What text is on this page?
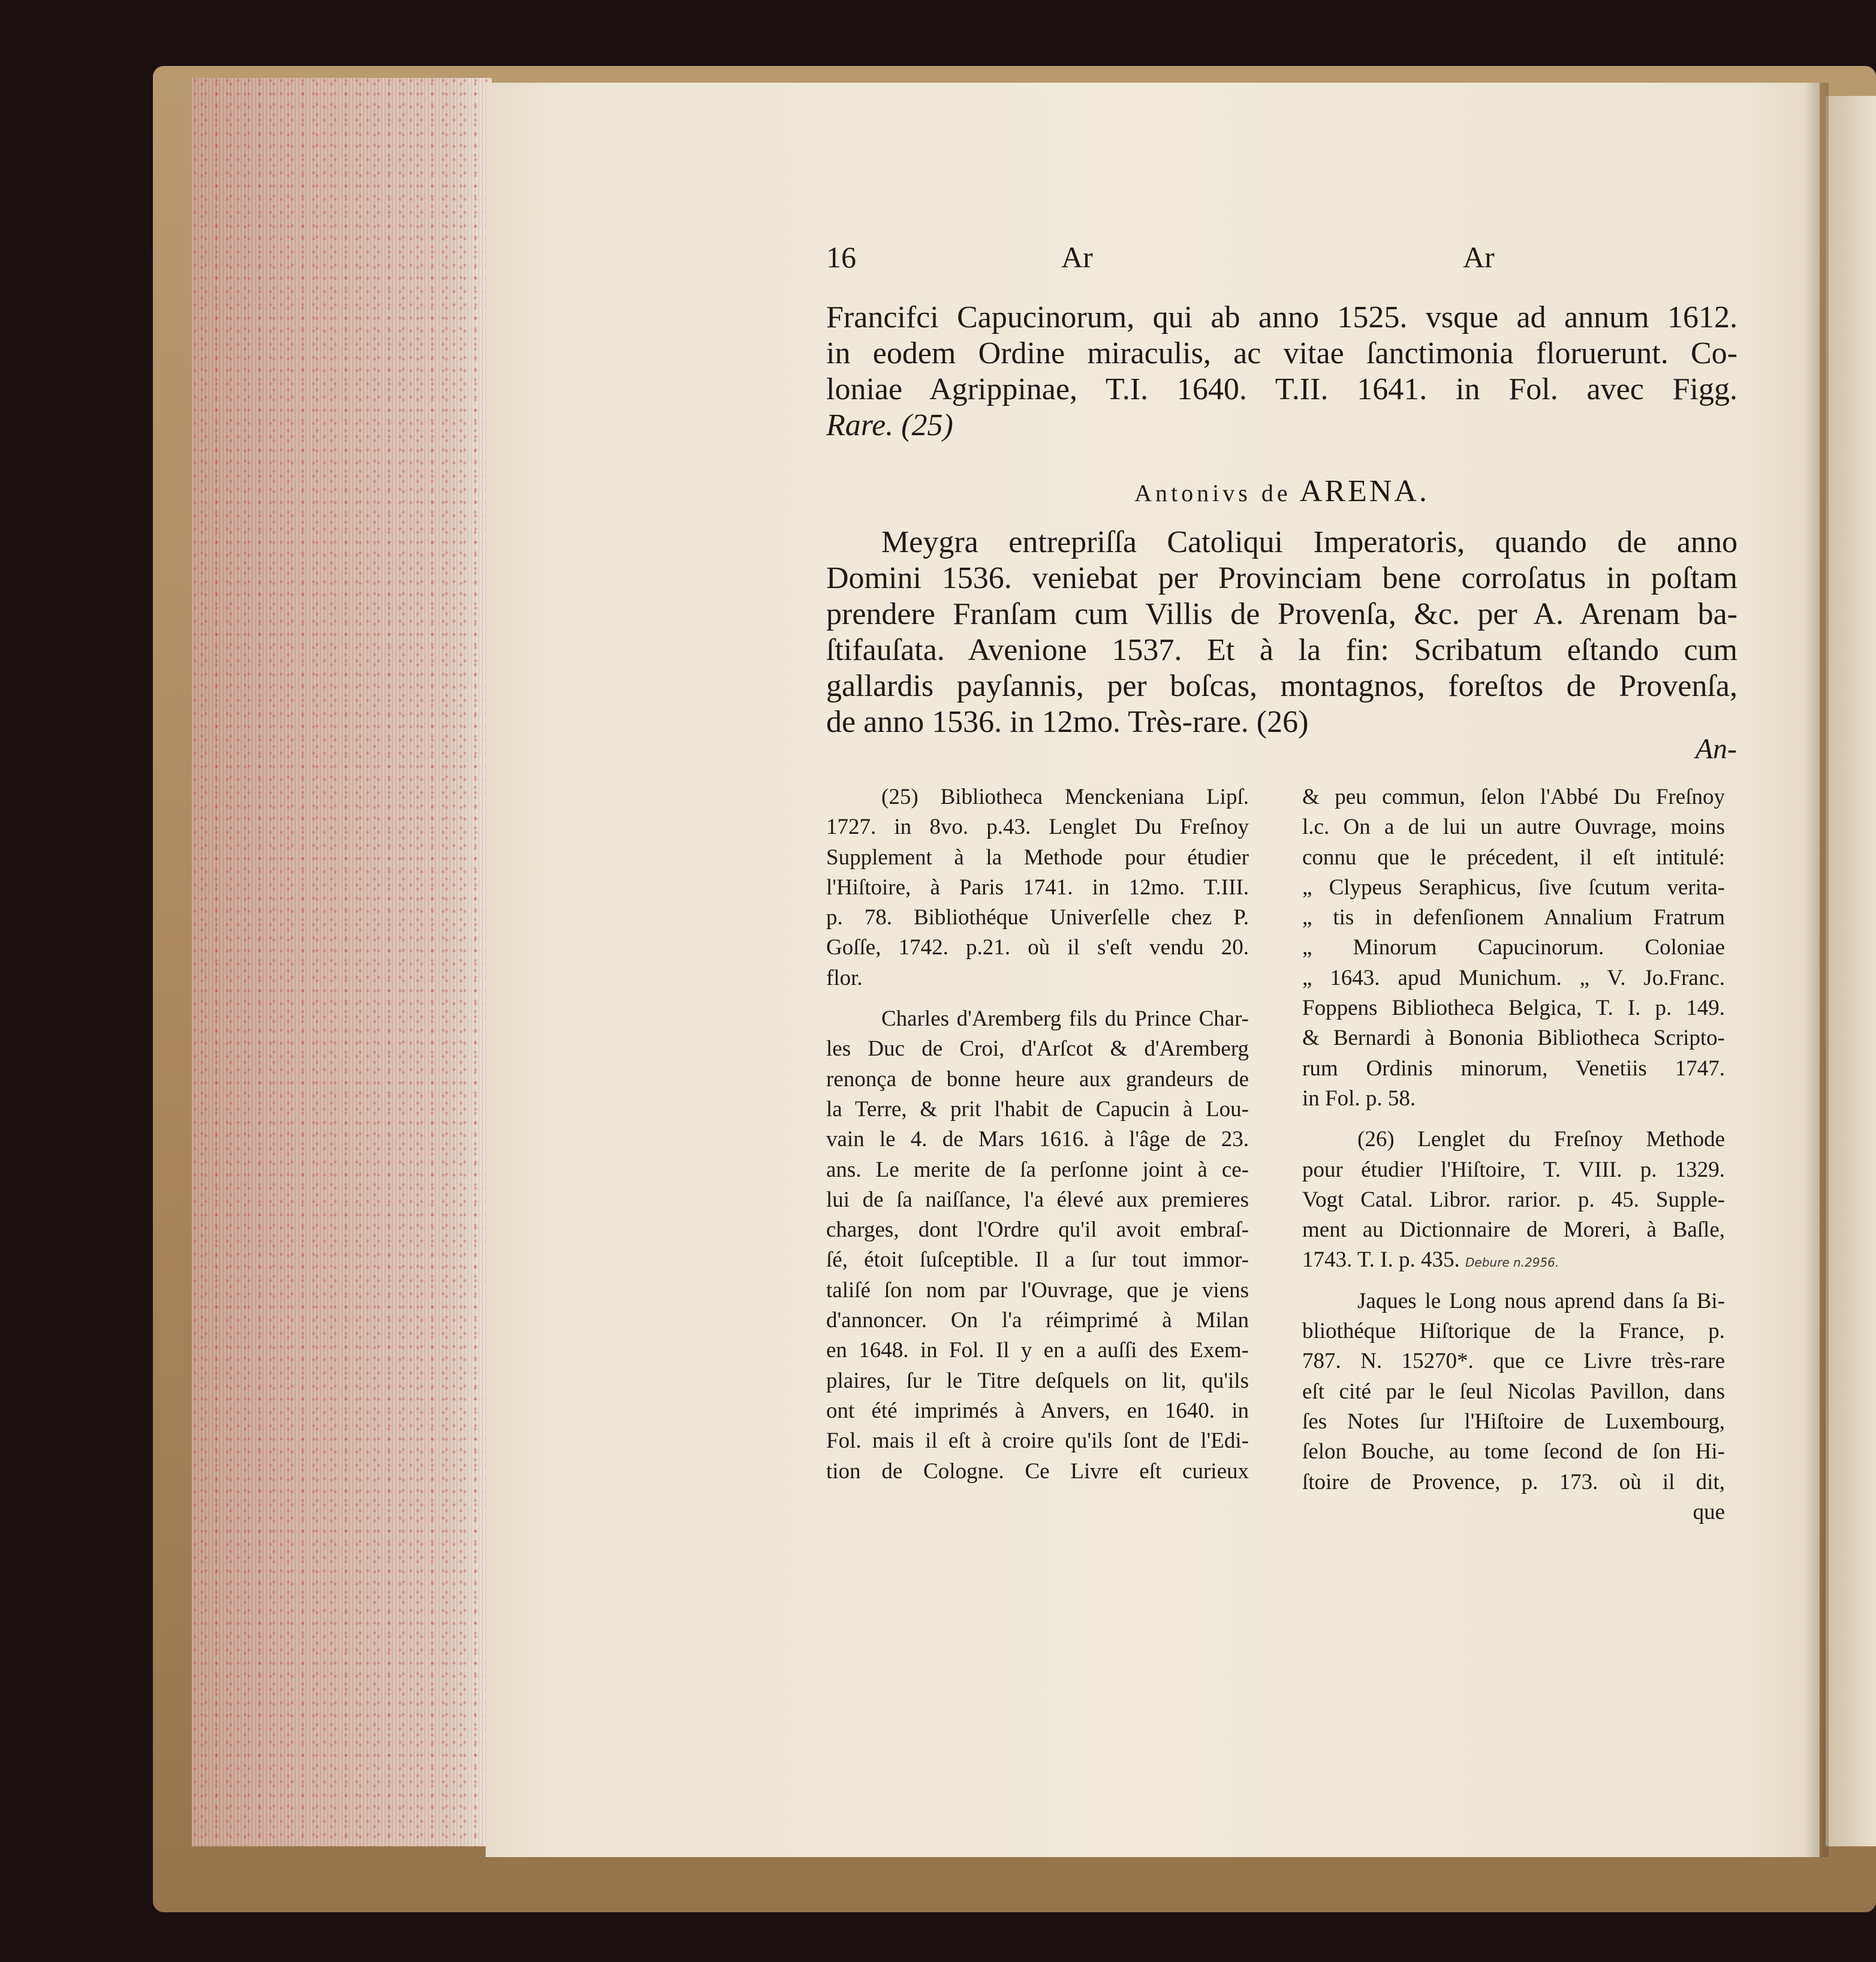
16	Ar	Ar
Francifci Capucinorum, qui ab anno 1525. vsque ad annum 1612.
in eodem Ordine miraculis, ac vitae ſanctimonia floruerunt. Co-
loniae Agrippinae, T.I. 1640. T.II. 1641. in Fol. avec Figg.
Rare. (25)
Antonivs de ARENA.
Meygra entrepriſſa Catoliqui Imperatoris, quando de anno
Domini 1536. veniebat per Provinciam bene corroſatus in poſtam
prendere Franſam cum Villis de Provenſa, &c. per A. Arenam ba-
ſtifauſata. Avenione 1537. Et à la fin: Scribatum eſtando cum
gallardis payſannis, per boſcas, montagnos, foreſtos de Provenſa,
de anno 1536. in 12mo. Très-rare. (26)
An-
(25) Bibliotheca Menckeniana Lipſ.
1727. in 8vo. p.43. Lenglet Du Freſnoy
Supplement à la Methode pour étudier
l'Hiſtoire, à Paris 1741. in 12mo. T.III.
p. 78. Bibliothéque Univerſelle chez P.
Goſſe, 1742. p.21. où il s'eſt vendu 20.
flor.
Charles d'Aremberg fils du Prince Char-
les Duc de Croi, d'Arſcot & d'Aremberg
renonça de bonne heure aux grandeurs de
la Terre, & prit l'habit de Capucin à Lou-
vain le 4. de Mars 1616. à l'âge de 23.
ans. Le merite de ſa perſonne joint à ce-
lui de ſa naiſſance, l'a élevé aux premieres
charges, dont l'Ordre qu'il avoit embraſ-
ſé, étoit ſuſceptible. Il a ſur tout immor-
taliſé ſon nom par l'Ouvrage, que je viens
d'annoncer. On l'a réimprimé à Milan
en 1648. in Fol. Il y en a auſſi des Exem-
plaires, ſur le Titre deſquels on lit, qu'ils
ont été imprimés à Anvers, en 1640. in
Fol. mais il eſt à croire qu'ils ſont de l'Edi-
tion de Cologne. Ce Livre eſt curieux
& peu commun, ſelon l'Abbé Du Freſnoy
l.c. On a de lui un autre Ouvrage, moins
connu que le précedent, il eſt intitulé:
„ Clypeus Seraphicus, ſive ſcutum verita-
„ tis in defenſionem Annalium Fratrum
„ Minorum Capucinorum. Coloniae
„ 1643. apud Munichum. „ V. Jo.Franc.
Foppens Bibliotheca Belgica, T. I. p. 149.
& Bernardi à Bononia Bibliotheca Scripto-
rum Ordinis minorum, Venetiis 1747.
in Fol. p. 58.
(26) Lenglet du Freſnoy Methode
pour étudier l'Hiſtoire, T. VIII. p. 1329.
Vogt Catal. Libror. rarior. p. 45. Supple-
ment au Dictionnaire de Moreri, à Baſle,
1743. T. I. p. 435. Debure n.2956.
Jaques le Long nous aprend dans ſa Bi-
bliothéque Hiſtorique de la France, p.
787. N. 15270*. que ce Livre très-rare
eſt cité par le ſeul Nicolas Pavillon, dans
ſes Notes ſur l'Hiſtoire de Luxembourg,
ſelon Bouche, au tome ſecond de ſon Hi-
ſtoire de Provence, p. 173. où il dit,
que
